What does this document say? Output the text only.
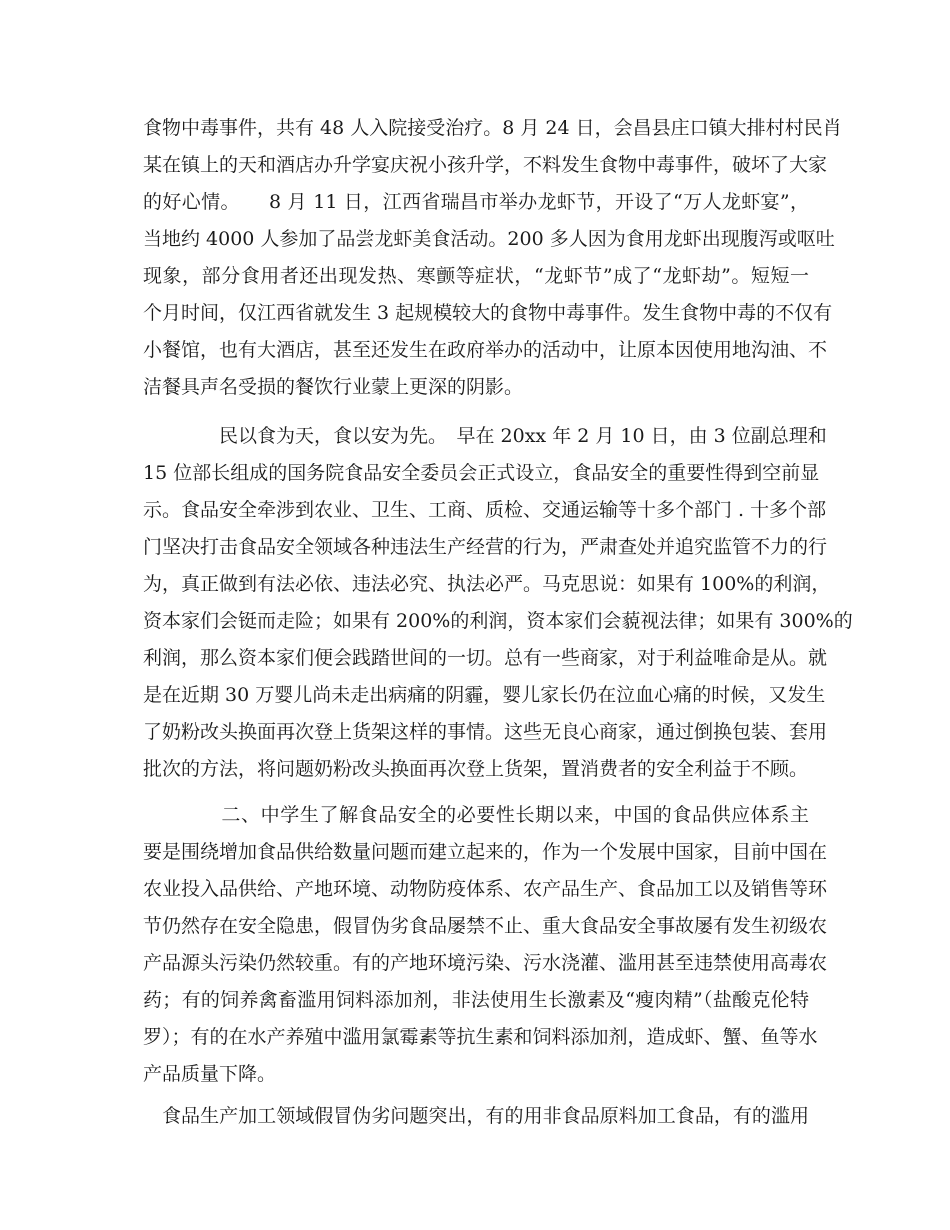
食物中毒事件，共有 48 人入院接受治疗。8 月 24 日，会昌县庄口镇大排村村民肖
某在镇上的天和酒店办升学宴庆祝小孩升学，不料发生食物中毒事件，破坏了大家
的好心情。　　8 月 11 日，江西省瑞昌市举办龙虾节，开设了“万人龙虾宴”，
当地约 4000 人参加了品尝龙虾美食活动。200 多人因为食用龙虾出现腹泻或呕吐
现象，部分食用者还出现发热、寒颤等症状，“龙虾节”成了“龙虾劫”。短短一
个月时间，仅江西省就发生 3 起规模较大的食物中毒事件。发生食物中毒的不仅有
小餐馆，也有大酒店，甚至还发生在政府举办的活动中，让原本因使用地沟油、不
洁餐具声名受损的餐饮行业蒙上更深的阴影。
　　　　民以食为天，食以安为先。　早在 20xx 年 2 月 10 日，由 3 位副总理和
15 位部长组成的国务院食品安全委员会正式设立，食品安全的重要性得到空前显
示。食品安全牵涉到农业、卫生、工商、质检、交通运输等十多个部门 . 十多个部
门坚决打击食品安全领域各种违法生产经营的行为，严肃查处并追究监管不力的行
为，真正做到有法必依、违法必究、执法必严。马克思说：如果有 100%的利润，
资本家们会铤而走险；如果有 200%的利润，资本家们会藐视法律；如果有 300%的
利润，那么资本家们便会践踏世间的一切。总有一些商家，对于利益唯命是从。就
是在近期 30 万婴儿尚未走出病痛的阴霾，婴儿家长仍在泣血心痛的时候，又发生
了奶粉改头换面再次登上货架这样的事情。这些无良心商家，通过倒换包装、套用
批次的方法，将问题奶粉改头换面再次登上货架，置消费者的安全利益于不顾。
　　　　二、中学生了解食品安全的必要性长期以来，中国的食品供应体系主
要是围绕增加食品供给数量问题而建立起来的，作为一个发展中国家，目前中国在
农业投入品供给、产地环境、动物防疫体系、农产品生产、食品加工以及销售等环
节仍然存在安全隐患，假冒伪劣食品屡禁不止、重大食品安全事故屡有发生初级农
产品源头污染仍然较重。有的产地环境污染、污水浇灌、滥用甚至违禁使用高毒农
药；有的饲养禽畜滥用饲料添加剂，非法使用生长激素及“瘦肉精”（盐酸克伦特
罗）；有的在水产养殖中滥用氯霉素等抗生素和饲料添加剂，造成虾、蟹、鱼等水
产品质量下降。
　食品生产加工领域假冒伪劣问题突出，有的用非食品原料加工食品，有的滥用
